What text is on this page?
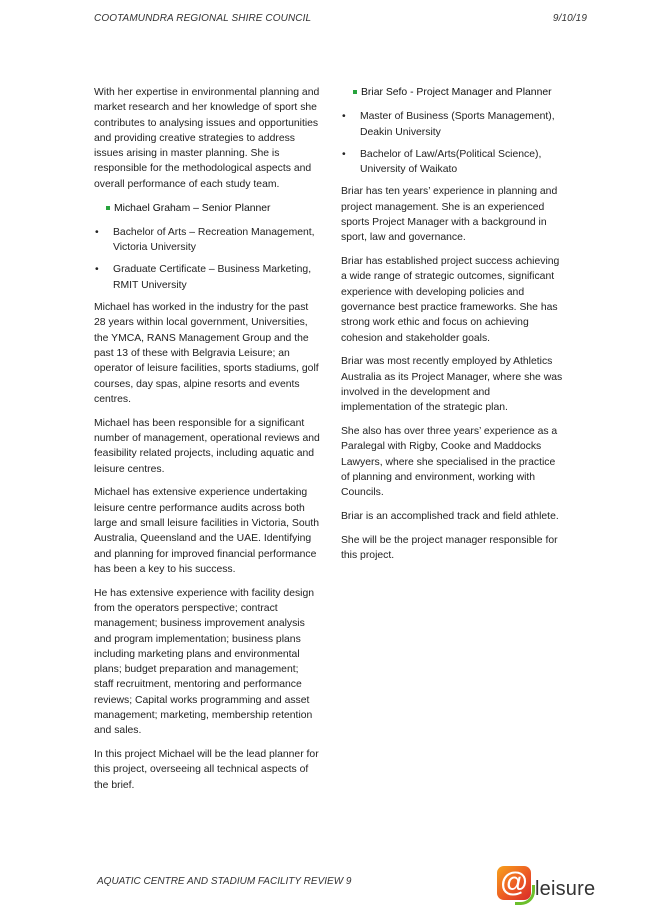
COOTAMUNDRA REGIONAL SHIRE COUNCIL	9/10/19

With her expertise in environmental planning and market research and her knowledge of sport she contributes to analysing issues and opportunities and providing creative strategies to address issues arising in master planning. She is responsible for the methodological aspects and overall performance of each study team.

Michael Graham – Senior Planner
• Bachelor of Arts – Recreation Management, Victoria University
• Graduate Certificate – Business Marketing, RMIT University

Michael has worked in the industry for the past 28 years within local government, Universities, the YMCA, RANS Management Group and the past 13 of these with Belgravia Leisure; an operator of leisure facilities, sports stadiums, golf courses, day spas, alpine resorts and events centres.

Michael has been responsible for a significant number of management, operational reviews and feasibility related projects, including aquatic and leisure centres.

Michael has extensive experience undertaking leisure centre performance audits across both large and small leisure facilities in Victoria, South Australia, Queensland and the UAE. Identifying and planning for improved financial performance has been a key to his success.

He has extensive experience with facility design from the operators perspective; contract management; business improvement analysis and program implementation; business plans including marketing plans and environmental plans; budget preparation and management; staff recruitment, mentoring and performance reviews; Capital works programming and asset management; marketing, membership retention and sales.

In this project Michael will be the lead planner for this project, overseeing all technical aspects of the brief.

Briar Sefo - Project Manager and Planner
• Master of Business (Sports Management), Deakin University
• Bachelor of Law/Arts(Political Science), University of Waikato

Briar has ten years’ experience in planning and project management. She is an experienced sports Project Manager with a background in sport, law and governance.

Briar has established project success achieving a wide range of strategic outcomes, significant experience with developing policies and governance best practice frameworks. She has strong work ethic and focus on achieving cohesion and stakeholder goals.

Briar was most recently employed by Athletics Australia as its Project Manager, where she was involved in the development and implementation of the strategic plan.

She also has over three years’ experience as a Paralegal with Rigby, Cooke and Maddocks Lawyers, where she specialised in the practice of planning and environment, working with Councils.

Briar is an accomplished track and field athlete.

She will be the project manager responsible for this project.

AQUATIC CENTRE AND STADIUM FACILITY REVIEW 9	@ leisure
